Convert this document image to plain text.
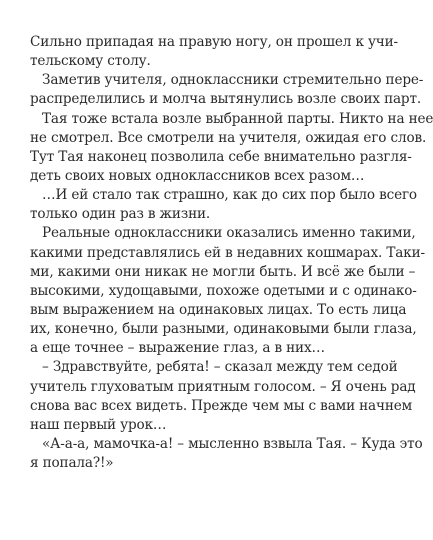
Сильно припадая на правую ногу, он прошел к учи-
тельскому столу.
Заметив учителя, одноклассники стремительно пере-
распределились и молча вытянулись возле своих парт.
Тая тоже встала возле выбранной парты. Никто на нее
не смотрел. Все смотрели на учителя, ожидая его слов.
Тут Тая наконец позволила себе внимательно разгля-
деть своих новых одноклассников всех разом…
…И ей стало так страшно, как до сих пор было всего
только один раз в жизни.
Реальные одноклассники оказались именно такими,
какими представлялись ей в недавних кошмарах. Таки-
ми, какими они никак не могли быть. И всё же были –
высокими, худощавыми, похоже одетыми и с одинако-
вым выражением на одинаковых лицах. То есть лица
их, конечно, были разными, одинаковыми были глаза,
а еще точнее – выражение глаз, а в них…
– Здравствуйте, ребята! – сказал между тем седой
учитель глуховатым приятным голосом. – Я очень рад
снова вас всех видеть. Прежде чем мы с вами начнем
наш первый урок…
«А-а-а, мамочка-а! – мысленно взвыла Тая. – Куда это
я попала?!»
